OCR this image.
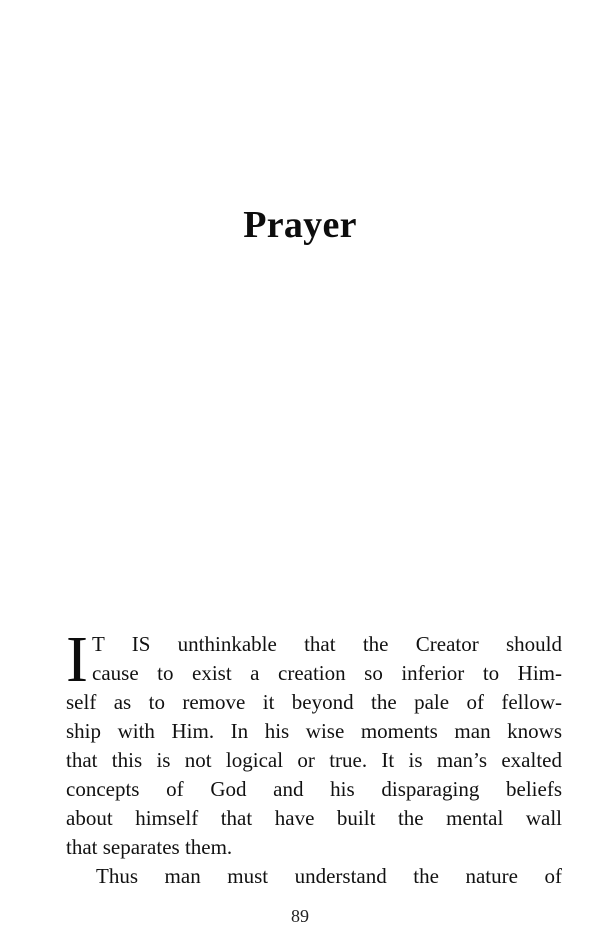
Prayer
I T IS unthinkable that the Creator should
cause to exist a creation so inferior to Him-
self as to remove it beyond the pale of fellow-
ship with Him. In his wise moments man knows
that this is not logical or true. It is man’s exalted
concepts of God and his disparaging beliefs
about himself that have built the mental wall
that separates them.
Thus man must understand the nature of
89
